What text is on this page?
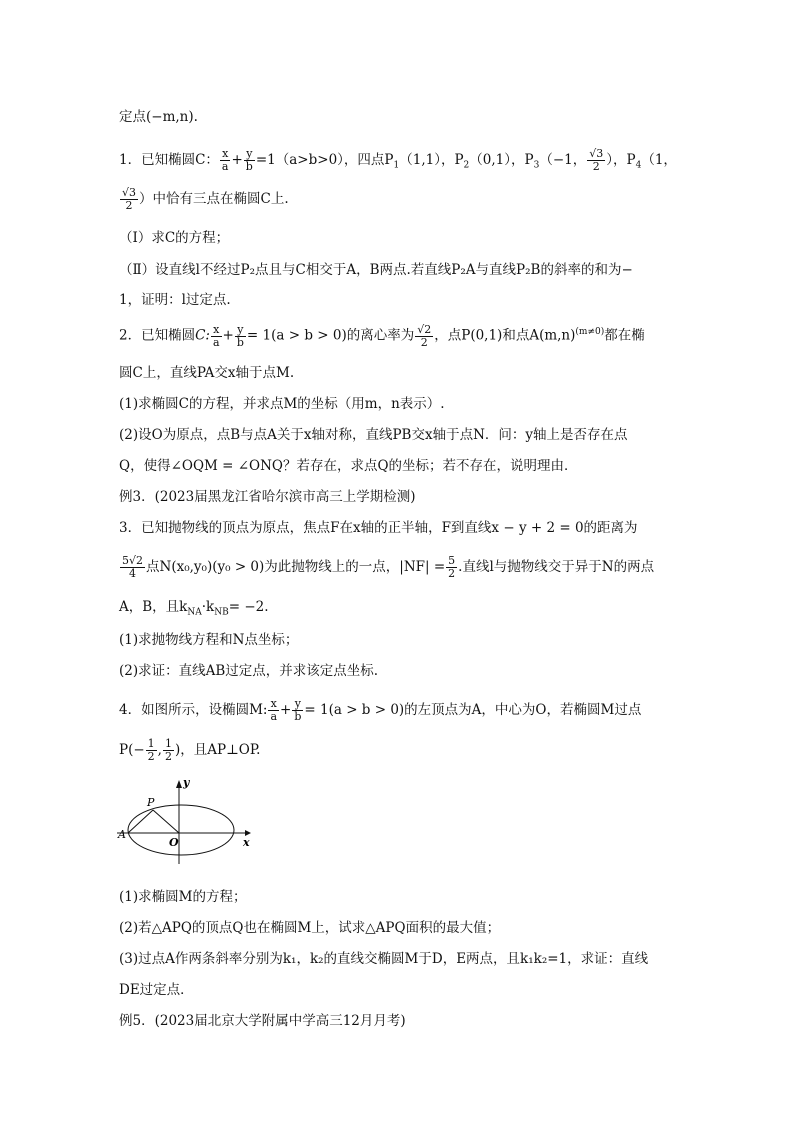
定点(−m,n).
1．已知椭圆C： $\frac{x}{a} + \frac{y}{b} =1(a>b>0)$，四点$P_1(1,1)$，$P_2(0,1)$，$P_3(-1$， $\frac{√3}{2}$ ），$P_4(1$，
$\frac{√3}{2}$ ）中恰有三点在椭圆C上.
（Ⅰ）求C的方程；
（Ⅱ）设直线l不经过P₂点且与C相交于A，B两点.若直线P₂A与直线P₂B的斜率的和为−
1，证明：l过定点.
2．已知椭圆C: $\frac{x}{a} + \frac{y}{b} = 1(a > b > 0)$的离心率为 $\frac{√2}{2}$ ，点P(0,1)和点$A(m,n)^{(m\ne 0)}$都在椭
圆C上，直线PA交x轴于点M.
(1)求椭圆C的方程，并求点M的坐标（用m，n表示）.
(2)设O为原点，点B与点A关于x轴对称，直线PB交x轴于点N．问：y轴上是否存在点
Q，使得∠OQM = ∠ONQ？若存在，求点Q的坐标；若不存在，说明理由．
例3．(2023届黑龙江省哈尔滨市高三上学期检测)
3．已知抛物线的顶点为原点，焦点F在x轴的正半轴，F到直线x − y + 2 = 0的距离为
$\frac{5√2}{4}$ 点N(x₀,y₀)(y₀ > 0)为此抛物线上的一点，$|NF| = \frac{5}{2}$ .直线l与抛物线交于异于N的两点
A，B，且$k_{NA}\cdot k_{NB}= -2$.
(1)求抛物线方程和N点坐标；
(2)求证：直线AB过定点，并求该定点坐标.
4．如图所示，设椭圆M: $\frac{x}{a} + \frac{y}{b} = 1(a > b > 0)$的左顶点为A，中心为O，若椭圆M过点
$P(- \frac{1}{2}$ , $\frac{1}{2}$ )，且AP⊥OP.
y
x
P
A
O
(1)求椭圆M的方程；
(2)若△APQ的顶点Q也在椭圆M上，试求△APQ面积的最大值；
(3)过点A作两条斜率分别为k₁，k₂的直线交椭圆M于D，E两点，且k₁k₂=1，求证：直线
DE过定点．
例5．(2023届北京大学附属中学高三12月月考)
